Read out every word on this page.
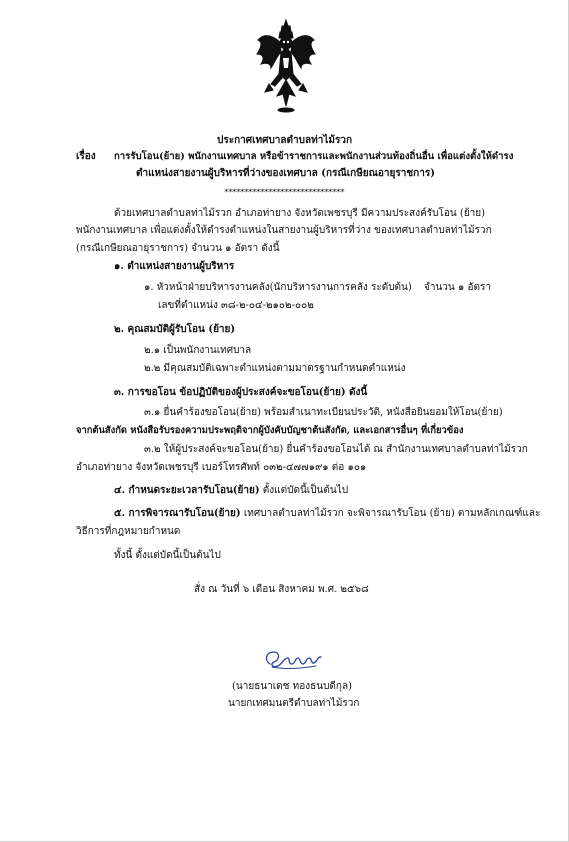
ประกาศเทศบาลตำบลท่าไม้รวก
เรื่อง การรับโอน(ย้าย) พนักงานเทศบาล หรือข้าราชการและพนักงานส่วนท้องถิ่นอื่น เพื่อแต่งตั้งให้ดำรง
ตำแหน่งสายงานผู้บริหารที่ว่างของเทศบาล (กรณีเกษียณอายุราชการ)
******************************
ด้วยเทศบาลตำบลท่าไม้รวก อำเภอท่ายาง จังหวัดเพชรบุรี มีความประสงค์รับโอน (ย้าย)
พนักงานเทศบาล เพื่อแต่งตั้งให้ดำรงตำแหน่งในสายงานผู้บริหารที่ว่าง ของเทศบาลตำบลท่าไม้รวก
(กรณีเกษียณอายุราชการ) จำนวน ๑ อัตรา ดังนี้
๑. ตำแหน่งสายงานผู้บริหาร
๑. หัวหน้าฝ่ายบริหารงานคลัง(นักบริหารงานการคลัง ระดับต้น) จำนวน ๑ อัตรา
เลขที่ตำแหน่ง ๓๘-๒-๐๔-๒๑๐๒-๐๐๒
๒. คุณสมบัติผู้รับโอน (ย้าย)
๒.๑ เป็นพนักงานเทศบาล
๒.๒ มีคุณสมบัติเฉพาะตำแหน่งตามมาตรฐานกำหนดตำแหน่ง
๓. การขอโอน ข้อปฏิบัติของผู้ประสงค์จะขอโอน(ย้าย) ดังนี้
๓.๑ ยื่นคำร้องขอโอน(ย้าย) พร้อมสำเนาทะเบียนประวัติ, หนังสือยินยอมให้โอน(ย้าย)
จากต้นสังกัด หนังสือรับรองความประพฤติจากผู้บังคับบัญชาต้นสังกัด, และเอกสารอื่นๆ ที่เกี่ยวข้อง
๓.๒ ให้ผู้ประสงค์จะขอโอน(ย้าย) ยื่นคำร้องขอโอนได้ ณ สำนักงานเทศบาลตำบลท่าไม้รวก
อำเภอท่ายาง จังหวัดเพชรบุรี เบอร์โทรศัพท์ ๐๓๒-๔๗๗๑๙๑ ต่อ ๑๐๑
๔. กำหนดระยะเวลารับโอน(ย้าย) ตั้งแต่บัดนี้เป็นต้นไป
๕. การพิจารณารับโอน(ย้าย) เทศบาลตำบลท่าไม้รวก จะพิจารณารับโอน (ย้าย) ตามหลักเกณฑ์และ
วิธีการที่กฎหมายกำหนด
ทั้งนี้ ตั้งแต่บัดนี้เป็นต้นไป
สั่ง ณ วันที่ ๖ เดือน สิงหาคม พ.ศ. ๒๕๖๘
(นายธนาเดช ทองธนบดีกุล)
นายกเทศมนตรีตำบลท่าไม้รวก
